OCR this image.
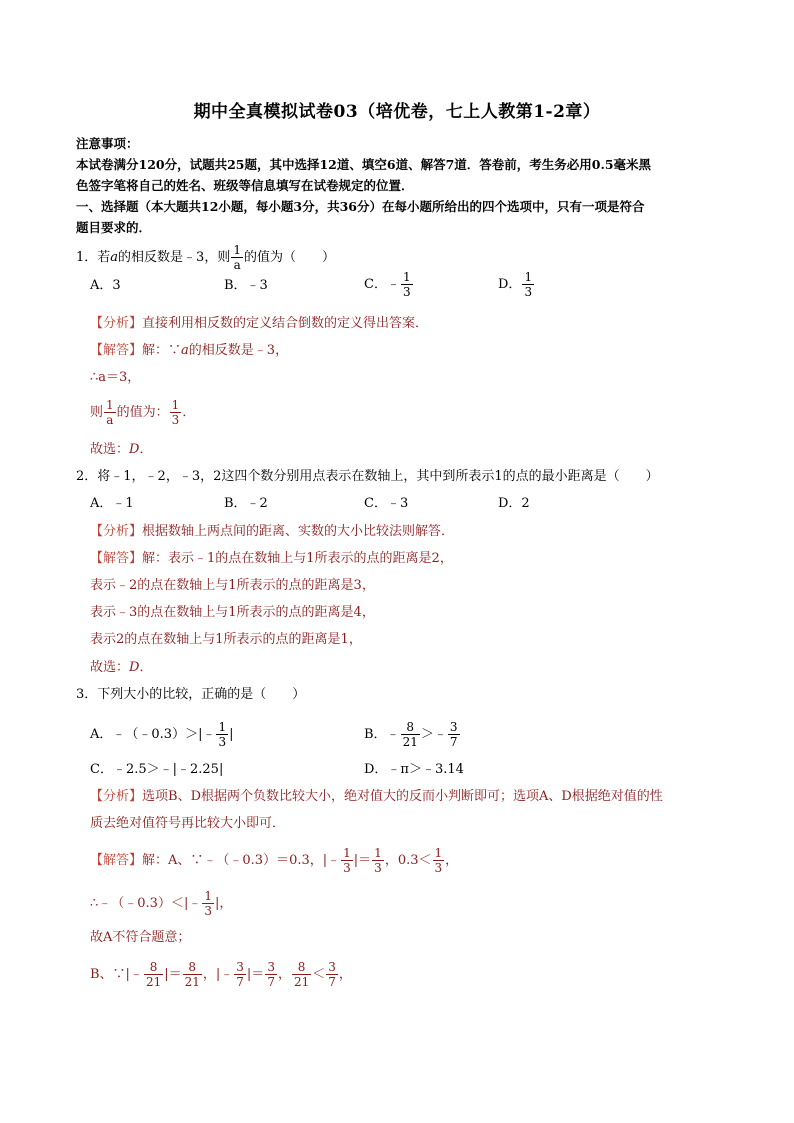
期中全真模拟试卷03（培优卷，七上人教第1-2章）
注意事项：
本试卷满分120分，试题共25题，其中选择12道、填空6道、解答7道．答卷前，考生务必用0.5毫米黑
色签字笔将自己的姓名、班级等信息填写在试卷规定的位置．
一、选择题（本大题共12小题，每小题3分，共36分）在每小题所给出的四个选项中，只有一项是符合
题目要求的．
1．若a的相反数是﹣3，则 $\frac{1}{a}$ 的值为（　　）
A．3	B．﹣3	C．﹣ $\frac{1}{3}$	D． $\frac{1}{3}$
【分析】直接利用相反数的定义结合倒数的定义得出答案．
【解答】解：∵a的相反数是﹣3，
∴a＝3，
则 $\frac{1}{a}$ 的值为： $\frac{1}{3}$ ．
故选：D．
2．将﹣1，﹣2，﹣3，2这四个数分别用点表示在数轴上，其中到所表示1的点的最小距离是（　　）
A．﹣1	B．﹣2	C．﹣3	D．2
【分析】根据数轴上两点间的距离、实数的大小比较法则解答．
【解答】解：表示﹣1的点在数轴上与1所表示的点的距离是2，
表示﹣2的点在数轴上与1所表示的点的距离是3，
表示﹣3的点在数轴上与1所表示的点的距离是4，
表示2的点在数轴上与1所表示的点的距离是1，
故选：D．
3．下列大小的比较，正确的是（　　）
A．﹣（﹣0.3）＞|﹣ $\frac{1}{3}$ |	B．﹣ $\frac{8}{21}$ ＞﹣ $\frac{3}{7}$
C．﹣2.5＞﹣|﹣2.25|	D．﹣π＞﹣3.14
【分析】选项B、D根据两个负数比较大小，绝对值大的反而小判断即可；选项A、D根据绝对值的性
质去绝对值符号再比较大小即可．
【解答】解：A、∵﹣（﹣0.3）＝0.3，|﹣ $\frac{1}{3}$ |＝ $\frac{1}{3}$ ，$0.3< \frac{1}{3}$ ，
∴﹣（﹣0.3）＜|﹣ $\frac{1}{3}$ |，
故A不符合题意；
B、∵|﹣ $\frac{8}{21}$ |＝ $\frac{8}{21}$ ，|﹣ $\frac{3}{7}$ |＝ $\frac{3}{7}$ ， $\frac{8}{21} < \frac{3}{7}$ ，
